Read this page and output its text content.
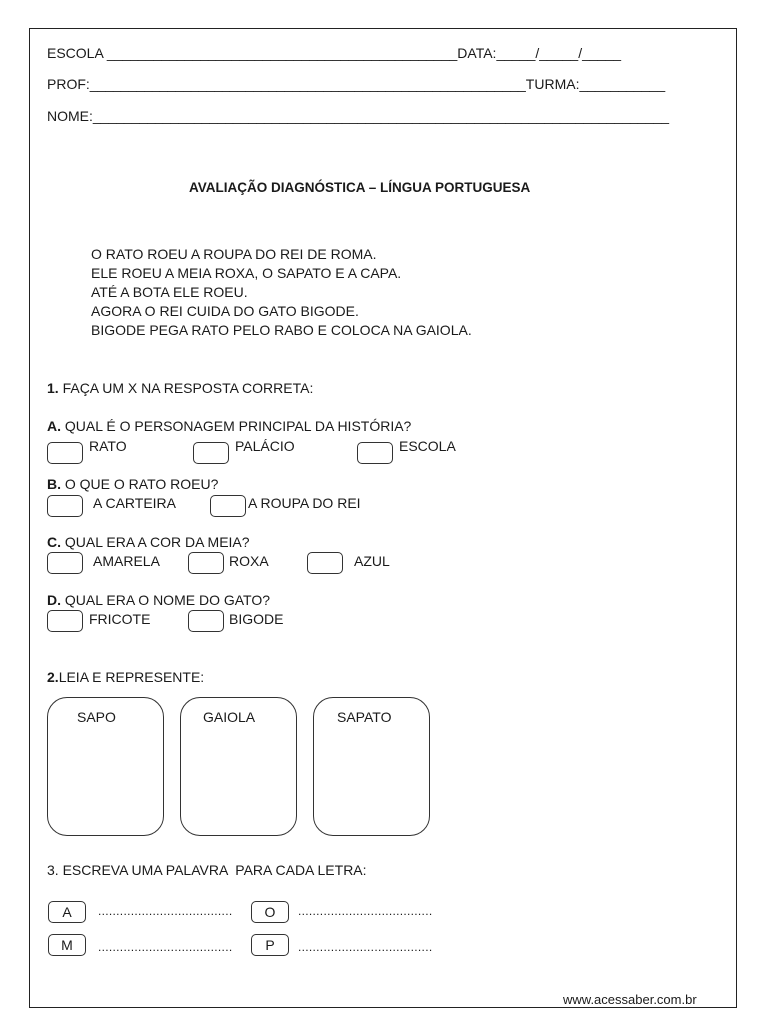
ESCOLA _____________________________________________DATA:_____/_____/_____
PROF:________________________________________________________TURMA:___________
NOME:__________________________________________________________________________
AVALIAÇÃO DIAGNÓSTICA – LÍNGUA PORTUGUESA
O RATO ROEU A ROUPA DO REI DE ROMA.
ELE ROEU A MEIA ROXA, O SAPATO E A CAPA.
ATÉ A BOTA ELE ROEU.
AGORA O REI CUIDA DO GATO BIGODE.
BIGODE PEGA RATO PELO RABO E COLOCA NA GAIOLA.
1. FAÇA UM X NA RESPOSTA CORRETA:
A. QUAL É O PERSONAGEM PRINCIPAL DA HISTÓRIA?
RATO	PALÁCIO	ESCOLA
B. O QUE O RATO ROEU?
A CARTEIRA	A ROUPA DO REI
C. QUAL ERA A COR DA MEIA?
AMARELA	ROXA	AZUL
D. QUAL ERA O NOME DO GATO?
FRICOTE	BIGODE
2.LEIA E REPRESENTE:
SAPO	GAIOLA	SAPATO
3. ESCREVA UMA PALAVRA  PARA CADA LETRA:
A	.....................................	O	.....................................
M	.....................................	P	.....................................
www.acessaber.com.br
